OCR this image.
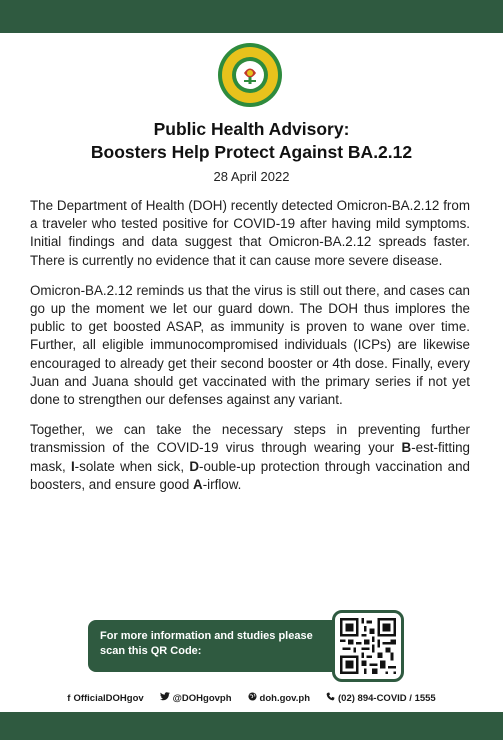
Public Health Advisory:
Boosters Help Protect Against BA.2.12
28 April 2022

The Department of Health (DOH) recently detected Omicron-BA.2.12 from a traveler who tested positive for COVID-19 after having mild symptoms. Initial findings and data suggest that Omicron-BA.2.12 spreads faster. There is currently no evidence that it can cause more severe disease.

Omicron-BA.2.12 reminds us that the virus is still out there, and cases can go up the moment we let our guard down. The DOH thus implores the public to get boosted ASAP, as immunity is proven to wane over time. Further, all eligible immunocompromised individuals (ICPs) are likewise encouraged to already get their second booster or 4th dose. Finally, every Juan and Juana should get vaccinated with the primary series if not yet done to strengthen our defenses against any variant.

Together, we can take the necessary steps in preventing further transmission of the COVID-19 virus through wearing your B-est-fitting mask, I-solate when sick, D-ouble-up protection through vaccination and boosters, and ensure good A-irflow.

For more information and studies please scan this QR Code:
f OfficialDOHgov	@DOHgovph	doh.gov.ph	(02) 894-COVID / 1555
